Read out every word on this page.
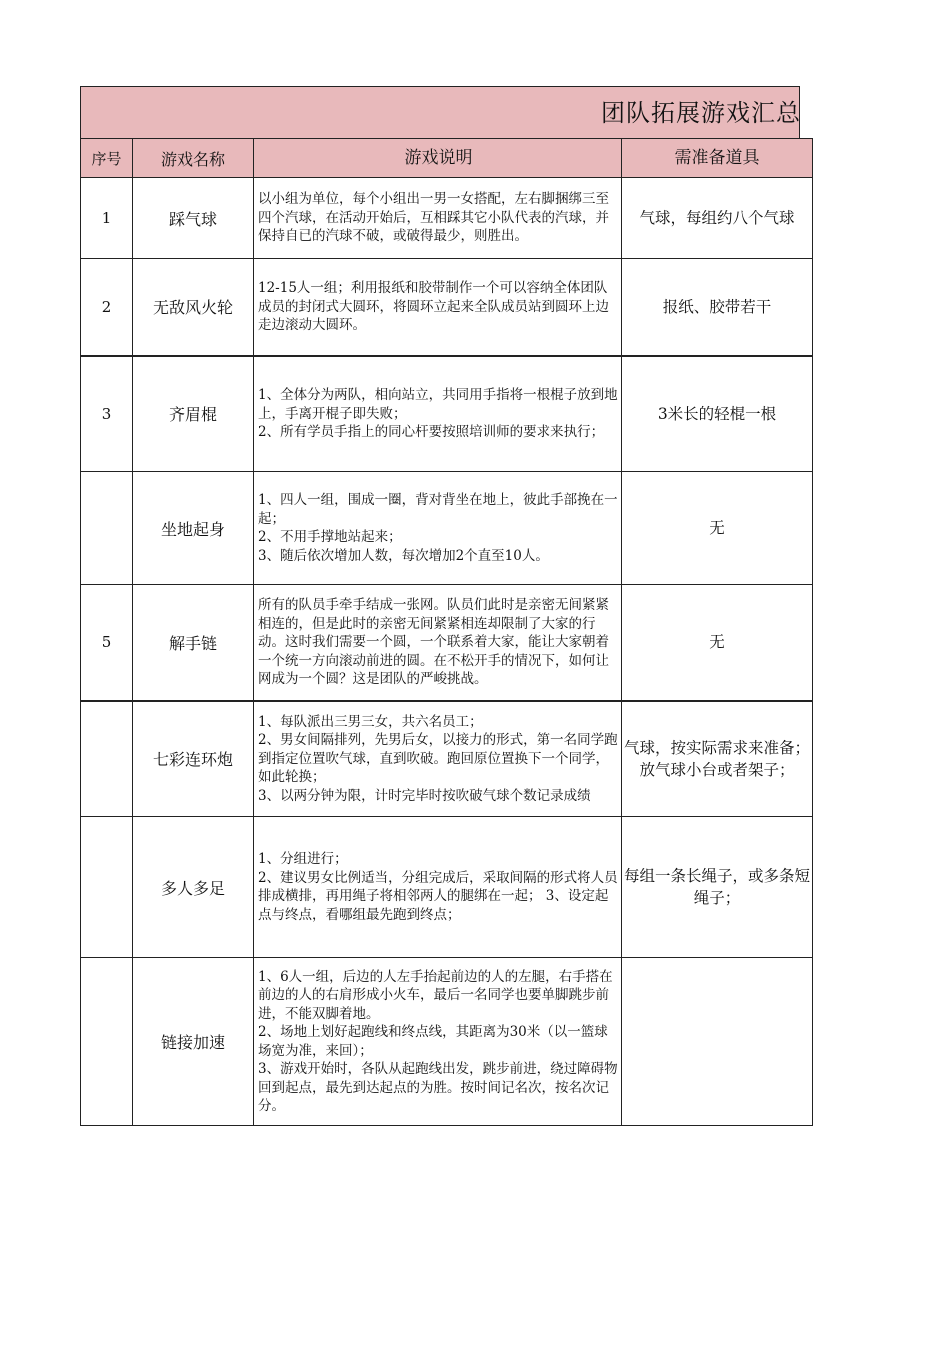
团队拓展游戏汇总
序号	游戏名称	游戏说明	需准备道具
1	踩气球	以小组为单位，每个小组出一男一女搭配，左右脚捆绑三至四个汽球，在活动开始后，互相踩其它小队代表的汽球，并保持自已的汽球不破，或破得最少，则胜出。	气球，每组约八个气球
2	无敌风火轮	12-15人一组；利用报纸和胶带制作一个可以容纳全体团队成员的封闭式大圆环，将圆环立起来全队成员站到圆环上边走边滚动大圆环。	报纸、胶带若干
3	齐眉棍	1、全体分为两队，相向站立，共同用手指将一根棍子放到地上，手离开棍子即失败；
2、所有学员手指上的同心杆要按照培训师的要求来执行；	3米长的轻棍一根
	坐地起身	1、四人一组，围成一圈，背对背坐在地上，彼此手部挽在一起；
2、不用手撑地站起来；
3、随后依次增加人数，每次增加2个直至10人。	无
5	解手链	所有的队员手牵手结成一张网。队员们此时是亲密无间紧紧相连的，但是此时的亲密无间紧紧相连却限制了大家的行动。这时我们需要一个圆，一个联系着大家，能让大家朝着一个统一方向滚动前进的圆。在不松开手的情况下，如何让网成为一个圆？这是团队的严峻挑战。	无
	七彩连环炮	1、每队派出三男三女，共六名员工；
2、男女间隔排列，先男后女，以接力的形式，第一名同学跑到指定位置吹气球，直到吹破。跑回原位置换下一个同学，如此轮换；
3、以两分钟为限，计时完毕时按吹破气球个数记录成绩	气球，按实际需求来准备；放气球小台或者架子；
	多人多足	1、分组进行；
2、建议男女比例适当，分组完成后，采取间隔的形式将人员排成横排，再用绳子将相邻两人的腿绑在一起； 3、设定起点与终点，看哪组最先跑到终点；	每组一条长绳子，或多条短绳子；
	链接加速	1、6人一组，后边的人左手抬起前边的人的左腿，右手搭在前边的人的右肩形成小火车，最后一名同学也要单脚跳步前进，不能双脚着地。
2、场地上划好起跑线和终点线，其距离为30米（以一篮球场宽为准，来回）；
3、游戏开始时，各队从起跑线出发，跳步前进，绕过障碍物回到起点，最先到达起点的为胜。按时间记名次，按名次记分。	
